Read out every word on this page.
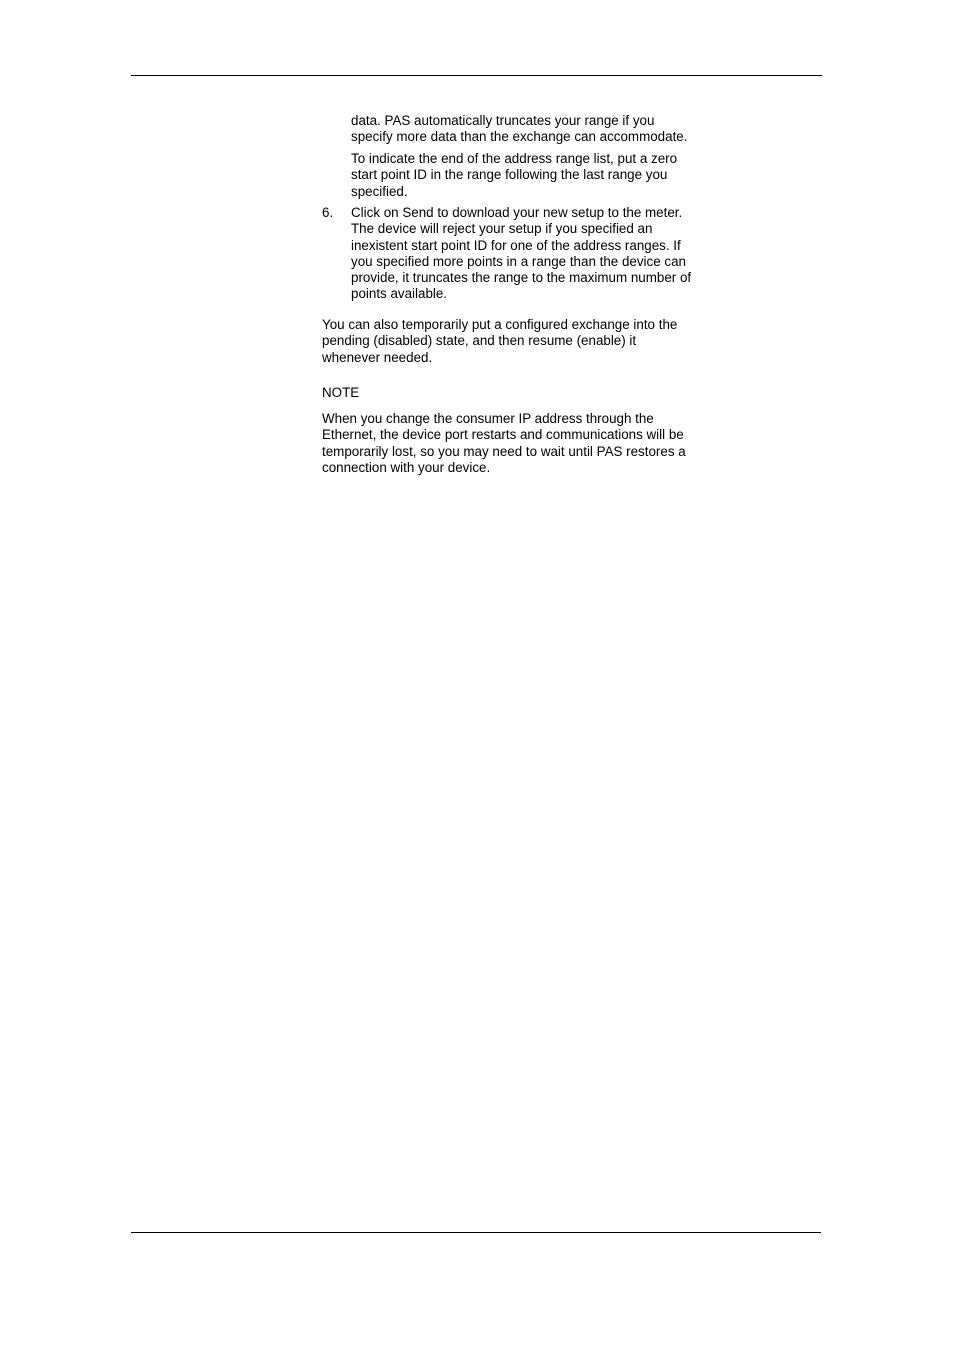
data. PAS automatically truncates your range if you
specify more data than the exchange can accommodate.
To indicate the end of the address range list, put a zero
start point ID in the range following the last range you
specified.
6. Click on Send to download your new setup to the meter.
The device will reject your setup if you specified an
inexistent start point ID for one of the address ranges. If
you specified more points in a range than the device can
provide, it truncates the range to the maximum number of
points available.
You can also temporarily put a configured exchange into the
pending (disabled) state, and then resume (enable) it
whenever needed.
NOTE
When you change the consumer IP address through the
Ethernet, the device port restarts and communications will be
temporarily lost, so you may need to wait until PAS restores a
connection with your device.
